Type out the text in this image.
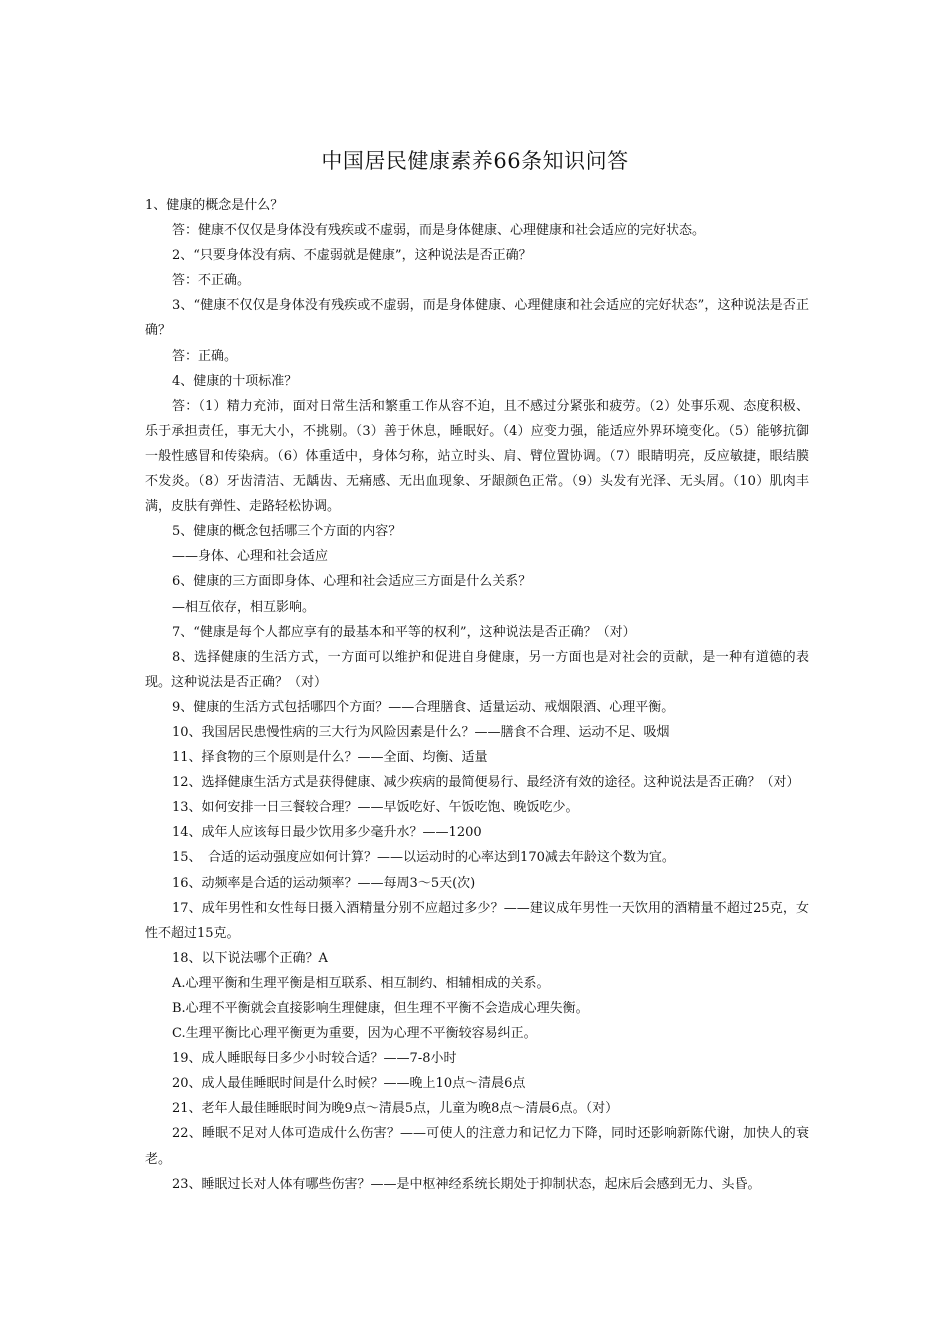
中国居民健康素养66条知识问答

1、健康的概念是什么？

答：健康不仅仅是身体没有残疾或不虚弱，而是身体健康、心理健康和社会适应的完好状态。

2、“只要身体没有病、不虚弱就是健康”，这种说法是否正确？

答：不正确。

3、“健康不仅仅是身体没有残疾或不虚弱，而是身体健康、心理健康和社会适应的完好状态”，这种说法是否正确？

答：正确。

4、健康的十项标准？

答：（1）精力充沛，面对日常生活和繁重工作从容不迫，且不感过分紧张和疲劳。（2）处事乐观、态度积极、乐于承担责任，事无大小，不挑剔。（3）善于休息，睡眠好。（4）应变力强，能适应外界环境变化。（5）能够抗御一般性感冒和传染病。（6）体重适中，身体匀称，站立时头、肩、臂位置协调。（7）眼睛明亮，反应敏捷，眼结膜不发炎。（8）牙齿清洁、无龋齿、无痛感、无出血现象、牙龈颜色正常。（9）头发有光泽、无头屑。（10）肌肉丰满，皮肤有弹性、走路轻松协调。

5、健康的概念包括哪三个方面的内容？

——身体、心理和社会适应

6、健康的三方面即身体、心理和社会适应三方面是什么关系？

—相互依存，相互影响。

7、“健康是每个人都应享有的最基本和平等的权利”，这种说法是否正确？（对）

8、选择健康的生活方式，一方面可以维护和促进自身健康，另一方面也是对社会的贡献，是一种有道德的表现。这种说法是否正确？（对）

9、健康的生活方式包括哪四个方面？——合理膳食、适量运动、戒烟限酒、心理平衡。

10、我国居民患慢性病的三大行为风险因素是什么？——膳食不合理、运动不足、吸烟

11、择食物的三个原则是什么？——全面、均衡、适量

12、选择健康生活方式是获得健康、减少疾病的最简便易行、最经济有效的途径。这种说法是否正确？（对）

13、如何安排一日三餐较合理？——早饭吃好、午饭吃饱、晚饭吃少。

14、成年人应该每日最少饮用多少毫升水？——1200

15、　合适的运动强度应如何计算？——以运动时的心率达到170减去年龄这个数为宜。

16、动频率是合适的运动频率？——每周3～5天(次)

17、成年男性和女性每日摄入酒精量分别不应超过多少？——建议成年男性一天饮用的酒精量不超过25克，女性不超过15克。

18、以下说法哪个正确？A

A.心理平衡和生理平衡是相互联系、相互制约、相辅相成的关系。

B.心理不平衡就会直接影响生理健康，但生理不平衡不会造成心理失衡。

C.生理平衡比心理平衡更为重要，因为心理不平衡较容易纠正。

19、成人睡眠每日多少小时较合适？——7-8小时

20、成人最佳睡眠时间是什么时候？——晚上10点～清晨6点

21、老年人最佳睡眠时间为晚9点～清晨5点，儿童为晚8点～清晨6点。（对）

22、睡眠不足对人体可造成什么伤害？——可使人的注意力和记忆力下降，同时还影响新陈代谢，加快人的衰老。

23、睡眠过长对人体有哪些伤害？——是中枢神经系统长期处于抑制状态，起床后会感到无力、头昏。
